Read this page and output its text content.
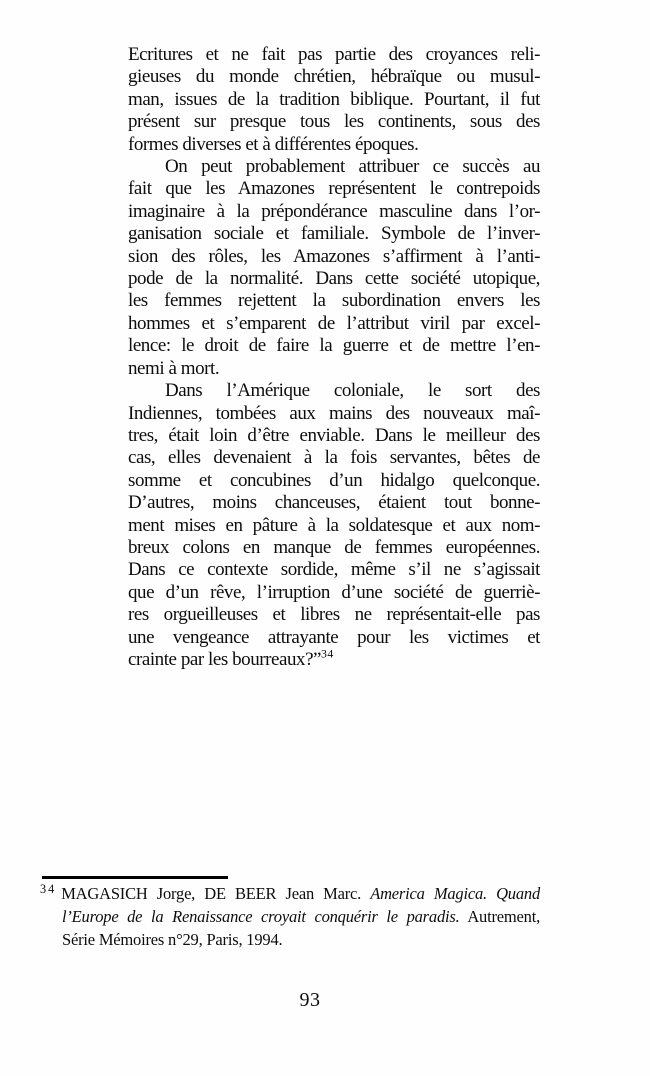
Ecritures et ne fait pas partie des croyances reli-
gieuses du monde chrétien, hébraïque ou musul-
man, issues de la tradition biblique. Pourtant, il fut
présent sur presque tous les continents, sous des
formes diverses et à différentes époques.
On peut probablement attribuer ce succès au
fait que les Amazones représentent le contrepoids
imaginaire à la prépondérance masculine dans l’or-
ganisation sociale et familiale. Symbole de l’inver-
sion des rôles, les Amazones s’affirment à l’anti-
pode de la normalité. Dans cette société utopique,
les femmes rejettent la subordination envers les
hommes et s’emparent de l’attribut viril par excel-
lence: le droit de faire la guerre et de mettre l’en-
nemi à mort.
Dans l’Amérique coloniale, le sort des
Indiennes, tombées aux mains des nouveaux maî-
tres, était loin d’être enviable. Dans le meilleur des
cas, elles devenaient à la fois servantes, bêtes de
somme et concubines d’un hidalgo quelconque.
D’autres, moins chanceuses, étaient tout bonne-
ment mises en pâture à la soldatesque et aux nom-
breux colons en manque de femmes européennes.
Dans ce contexte sordide, même s’il ne s’agissait
que d’un rêve, l’irruption d’une société de guerriè-
res orgueilleuses et libres ne représentait-elle pas
une vengeance attrayante pour les victimes et
crainte par les bourreaux?”$^{34}$
$^{34}$ MAGASICH Jorge, DE BEER Jean Marc. America Magica. Quand
l’Europe de la Renaissance croyait conquérir le paradis. Autrement,
Série Mémoires n°29, Paris, 1994.
93
